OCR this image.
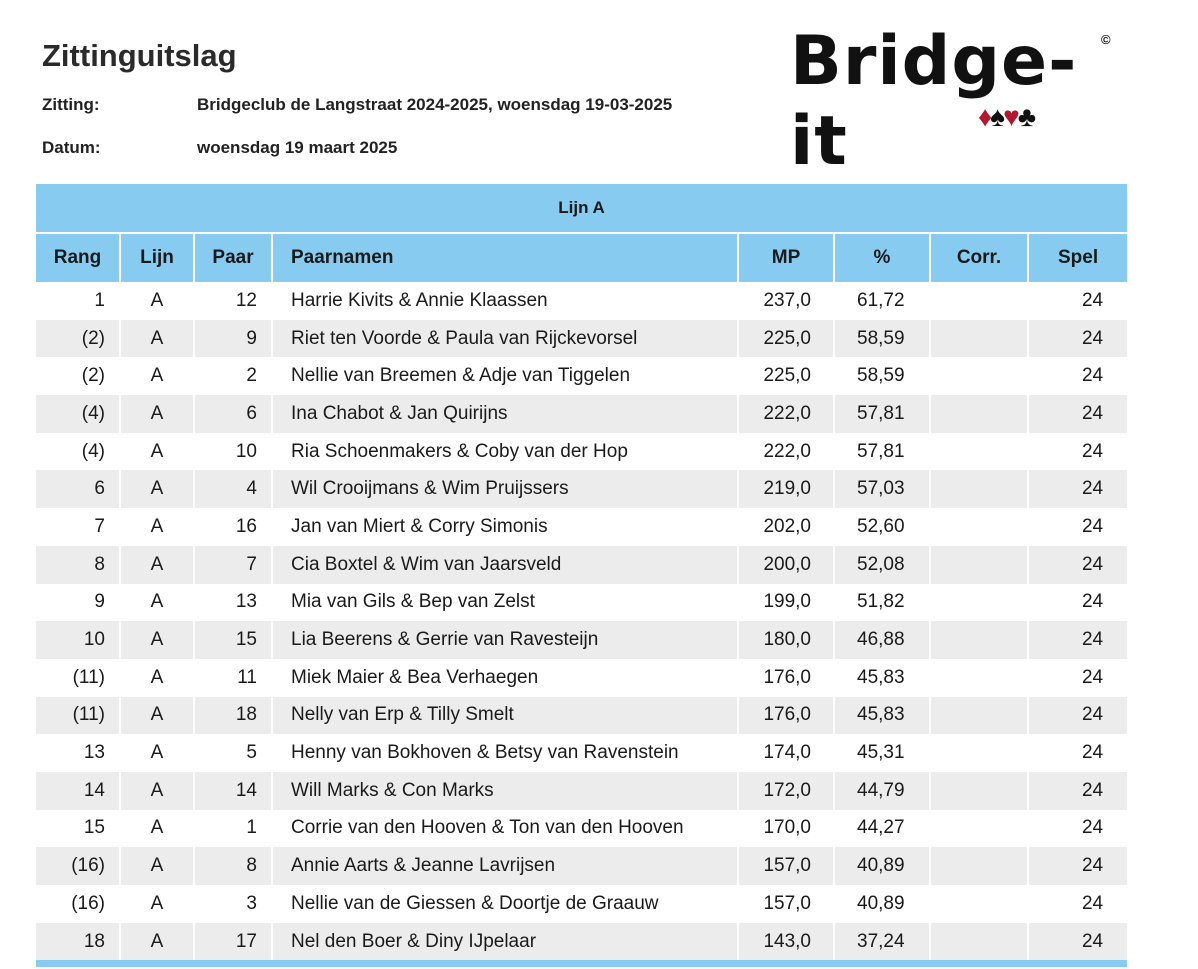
Zittinguitslag
Zitting:	Bridgeclub de Langstraat 2024-2025, woensdag 19-03-2025
Datum:	woensdag 19 maart 2025
Bridge-it
©
♦♠♥♣
Lijn A							
Rang	Lijn	Paar	Paarnamen	MP	%	Corr.	Spel
1	A	12	Harrie Kivits & Annie Klaassen	237,0	61,72		24
(2)	A	9	Riet ten Voorde & Paula van Rijckevorsel	225,0	58,59		24
(2)	A	2	Nellie van Breemen & Adje van Tiggelen	225,0	58,59		24
(4)	A	6	Ina Chabot & Jan Quirijns	222,0	57,81		24
(4)	A	10	Ria Schoenmakers & Coby van der Hop	222,0	57,81		24
6	A	4	Wil Crooijmans & Wim Pruijssers	219,0	57,03		24
7	A	16	Jan van Miert & Corry Simonis	202,0	52,60		24
8	A	7	Cia Boxtel & Wim van Jaarsveld	200,0	52,08		24
9	A	13	Mia van Gils & Bep van Zelst	199,0	51,82		24
10	A	15	Lia Beerens & Gerrie van Ravesteijn	180,0	46,88		24
(11)	A	11	Miek Maier & Bea Verhaegen	176,0	45,83		24
(11)	A	18	Nelly van Erp & Tilly Smelt	176,0	45,83		24
13	A	5	Henny van Bokhoven & Betsy van Ravenstein	174,0	45,31		24
14	A	14	Will Marks & Con Marks	172,0	44,79		24
15	A	1	Corrie van den Hooven & Ton van den Hooven	170,0	44,27		24
(16)	A	8	Annie Aarts & Jeanne Lavrijsen	157,0	40,89		24
(16)	A	3	Nellie van de Giessen & Doortje de Graauw	157,0	40,89		24
18	A	17	Nel den Boer & Diny IJpelaar	143,0	37,24		24
